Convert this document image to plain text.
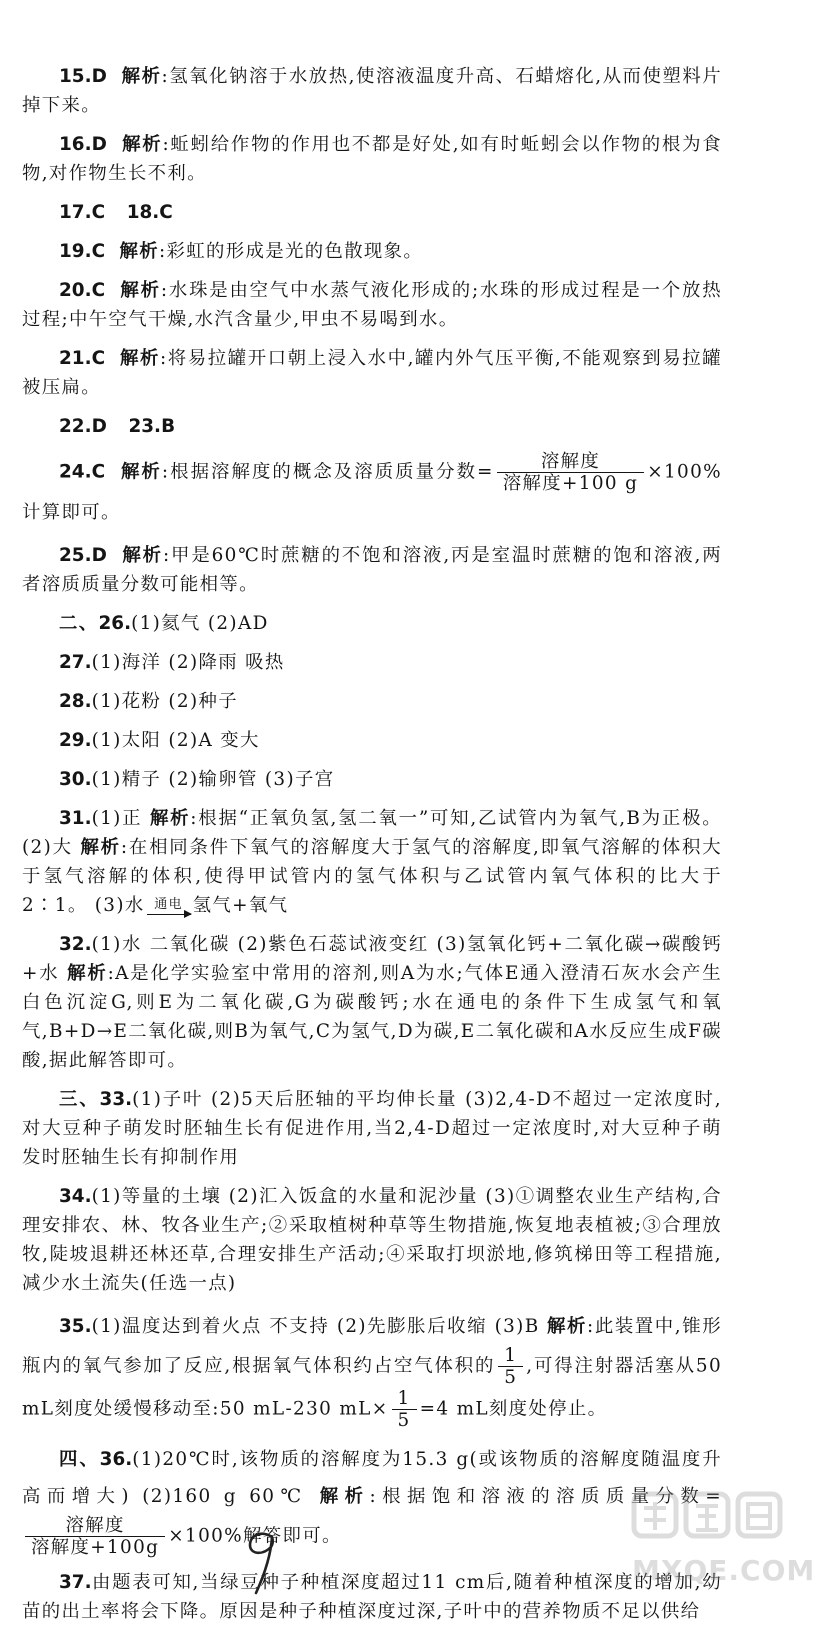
15.D 解析:氢氧化钠溶于水放热,使溶液温度升高、石蜡熔化,从而使塑料片掉下来。

16.D 解析:蚯蚓给作物的作用也不都是好处,如有时蚯蚓会以作物的根为食物,对作物生长不利。

17.C 18.C

19.C 解析:彩虹的形成是光的色散现象。

20.C 解析:水珠是由空气中水蒸气液化形成的;水珠的形成过程是一个放热过程;中午空气干燥,水汽含量少,甲虫不易喝到水。

21.C 解析:将易拉罐开口朝上浸入水中,罐内外气压平衡,不能观察到易拉罐被压扁。

22.D 23.B

24.C 解析:根据溶解度的概念及溶质质量分数= $\frac{\text{溶解度}}{\text{溶解度+100 g}} \times 100\%$计算即可。

25.D 解析:甲是60℃时蔗糖的不饱和溶液,丙是室温时蔗糖的饱和溶液,两者溶质质量分数可能相等。

二、26.(1)氦气 (2)AD

27.(1)海洋 (2)降雨 吸热

28.(1)花粉 (2)种子

29.(1)太阳 (2)A 变大

30.(1)精子 (2)输卵管 (3)子宫

31.(1)正 解析:根据“正氧负氢,氢二氧一”可知,乙试管内为氧气,B为正极。 (2)大 解析:在相同条件下氧气的溶解度大于氢气的溶解度,即氧气溶解的体积大于氢气溶解的体积,使得甲试管内的氢气体积与乙试管内氧气体积的比大于2∶1。 (3)水 通电 氢气+氧气

32.(1)水 二氧化碳 (2)紫色石蕊试液变红 (3)氢氧化钙+二氧化碳→碳酸钙+水 解析:A是化学实验室中常用的溶剂,则A为水;气体E通入澄清石灰水会产生白色沉淀G,则E为二氧化碳,G为碳酸钙;水在通电的条件下生成氢气和氧气,B+D→E二氧化碳,则B为氧气,C为氢气,D为碳,E二氧化碳和A水反应生成F碳酸,据此解答即可。

三、33.(1)子叶 (2)5天后胚轴的平均伸长量 (3)2,4-D不超过一定浓度时,对大豆种子萌发时胚轴生长有促进作用,当2,4-D超过一定浓度时,对大豆种子萌发时胚轴生长有抑制作用

34.(1)等量的土壤 (2)汇入饭盒的水量和泥沙量 (3)①调整农业生产结构,合理安排农、林、牧各业生产;②采取植树种草等生物措施,恢复地表植被;③合理放牧,陡坡退耕还林还草,合理安排生产活动;④采取打坝淤地,修筑梯田等工程措施,减少水土流失(任选一点)

35.(1)温度达到着火点 不支持 (2)先膨胀后收缩 (3)B 解析:此装置中,锥形瓶内的氧气参加了反应,根据氧气体积约占空气体积的 $\frac{1}{5}$ ,可得注射器活塞从50 mL刻度处缓慢移动至:50 mL-230 $mL\times \frac{1}{5} =4$ mL刻度处停止。

四、36.(1)20℃时,该物质的溶解度为15.3 g(或该物质的溶解度随温度升高而增大) (2)160 g 60℃ 解析:根据饱和溶液的溶质质量分数=
$\frac{\text{溶解度}}{\text{溶解度+100g}} \times 100\%$解答即可。

37.由题表可知,当绿豆种子种植深度超过11 cm后,随着种植深度的增加,幼苗的出土率将会下降。原因是种子种植深度过深,子叶中的营养物质不足以供给

MXQE.COM
